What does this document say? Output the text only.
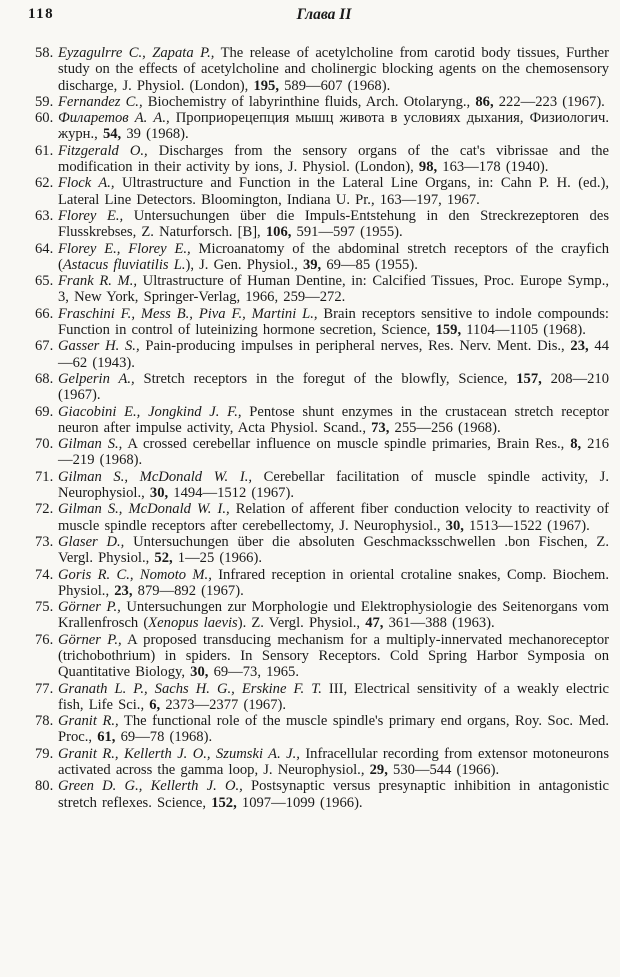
118	Глава II
58. Eyzagulrre C., Zapata P., The release of acetylcholine from carotid body tissues, Further study on the effects of acetylcholine and cholinergic blocking agents on the chemosensory discharge, J. Physiol. (London), 195, 589—607 (1968).
59. Fernandez C., Biochemistry of labyrinthine fluids, Arch. Otolaryng., 86, 222—223 (1967).
60. Филаретов А. А., Проприорецепция мышц живота в условиях дыхания, Физиологич. журн., 54, 39 (1968).
61. Fitzgerald O., Discharges from the sensory organs of the cat's vibrissae and the modification in their activity by ions, J. Physiol. (London), 98, 163—178 (1940).
62. Flock A., Ultrastructure and Function in the Lateral Line Organs, in: Cahn P. H. (ed.), Lateral Line Detectors. Bloomington, Indiana U. Pr., 163—197, 1967.
63. Florey E., Untersuchungen über die Impuls-Entstehung in den Streckrezeptoren des Flusskrebses, Z. Naturforsch. [B], 106, 591—597 (1955).
64. Florey E., Florey E., Microanatomy of the abdominal stretch receptors of the crayfich (Astacus fluviatilis L.), J. Gen. Physiol., 39, 69—85 (1955).
65. Frank R. M., Ultrastructure of Human Dentine, in: Calcified Tissues, Proc. Europe Symp., 3, New York, Springer-Verlag, 1966, 259—272.
66. Fraschini F., Mess B., Piva F., Martini L., Brain receptors sensitive to indole compounds: Function in control of luteinizing hormone secretion, Science, 159, 1104—1105 (1968).
67. Gasser H. S., Pain-producing impulses in peripheral nerves, Res. Nerv. Ment. Dis., 23, 44—62 (1943).
68. Gelperin A., Stretch receptors in the foregut of the blowfly, Science, 157, 208—210 (1967).
69. Giacobini E., Jongkind J. F., Pentose shunt enzymes in the crustacean stretch receptor neuron after impulse activity, Acta Physiol. Scand., 73, 255—256 (1968).
70. Gilman S., A crossed cerebellar influence on muscle spindle primaries, Brain Res., 8, 216—219 (1968).
71. Gilman S., McDonald W. I., Cerebellar facilitation of muscle spindle activity, J. Neurophysiol., 30, 1494—1512 (1967).
72. Gilman S., McDonald W. I., Relation of afferent fiber conduction velocity to reactivity of muscle spindle receptors after cerebellectomy, J. Neurophysiol., 30, 1513—1522 (1967).
73. Glaser D., Untersuchungen über die absoluten Geschmacksschwellen .bon Fischen, Z. Vergl. Physiol., 52, 1—25 (1966).
74. Goris R. C., Nomoto M., Infrared reception in oriental crotaline snakes, Comp. Biochem. Physiol., 23, 879—892 (1967).
75. Görner P., Untersuchungen zur Morphologie und Elektrophysiologie des Seitenorgans vom Krallenfrosch (Xenopus laevis). Z. Vergl. Physiol., 47, 361—388 (1963).
76. Görner P., A proposed transducing mechanism for a multiply-innervated mechanoreceptor (trichobothrium) in spiders. In Sensory Receptors. Cold Spring Harbor Symposia on Quantitative Biology, 30, 69—73, 1965.
77. Granath L. P., Sachs H. G., Erskine F. T. III, Electrical sensitivity of a weakly electric fish, Life Sci., 6, 2373—2377 (1967).
78. Granit R., The functional role of the muscle spindle's primary end organs, Roy. Soc. Med. Proc., 61, 69—78 (1968).
79. Granit R., Kellerth J. O., Szumski A. J., Infracellular recording from extensor motoneurons activated across the gamma loop, J. Neurophysiol., 29, 530—544 (1966).
80. Green D. G., Kellerth J. O., Postsynaptic versus presynaptic inhibition in antagonistic stretch reflexes. Science, 152, 1097—1099 (1966).
